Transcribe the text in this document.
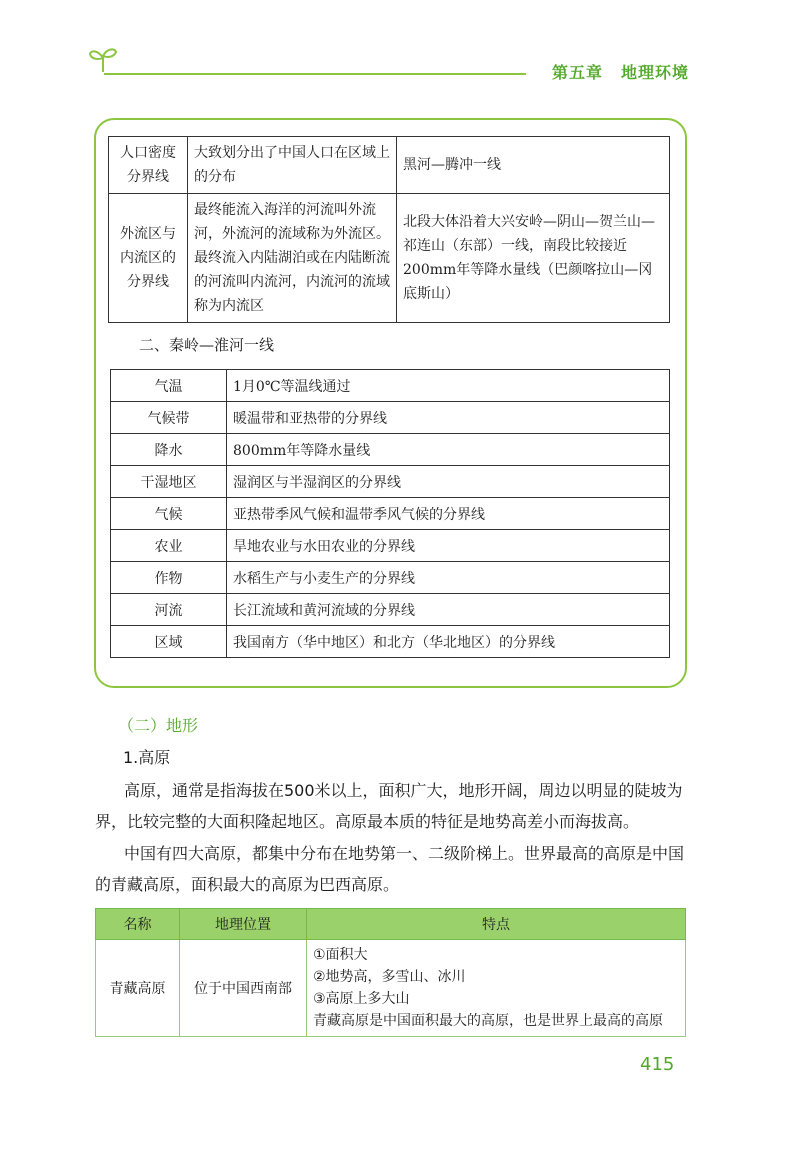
第五章 地理环境
人口密度分界线	大致划分出了中国人口在区域上的分布	黑河—腾冲一线
外流区与内流区的分界线	最终能流入海洋的河流叫外流河，外流河的流域称为外流区。最终流入内陆湖泊或在内陆断流的河流叫内流河，内流河的流域称为内流区	北段大体沿着大兴安岭—阴山—贺兰山—祁连山（东部）一线，南段比较接近200mm年等降水量线（巴颜喀拉山—冈底斯山）
二、秦岭—淮河一线
气温	1月0℃等温线通过
气候带	暖温带和亚热带的分界线
降水	800mm年等降水量线
干湿地区	湿润区与半湿润区的分界线
气候	亚热带季风气候和温带季风气候的分界线
农业	旱地农业与水田农业的分界线
作物	水稻生产与小麦生产的分界线
河流	长江流域和黄河流域的分界线
区域	我国南方（华中地区）和北方（华北地区）的分界线
（二）地形
1.高原

高原，通常是指海拔在500米以上，面积广大，地形开阔，周边以明显的陡坡为界，比较完整的大面积隆起地区。高原最本质的特征是地势高差小而海拔高。

中国有四大高原，都集中分布在地势第一、二级阶梯上。世界最高的高原是中国的青藏高原，面积最大的高原为巴西高原。

名称	地理位置	特点
青藏高原	位于中国西南部	①面积大
②地势高，多雪山、冰川
③高原上多大山
青藏高原是中国面积最大的高原，也是世界上最高的高原
415
